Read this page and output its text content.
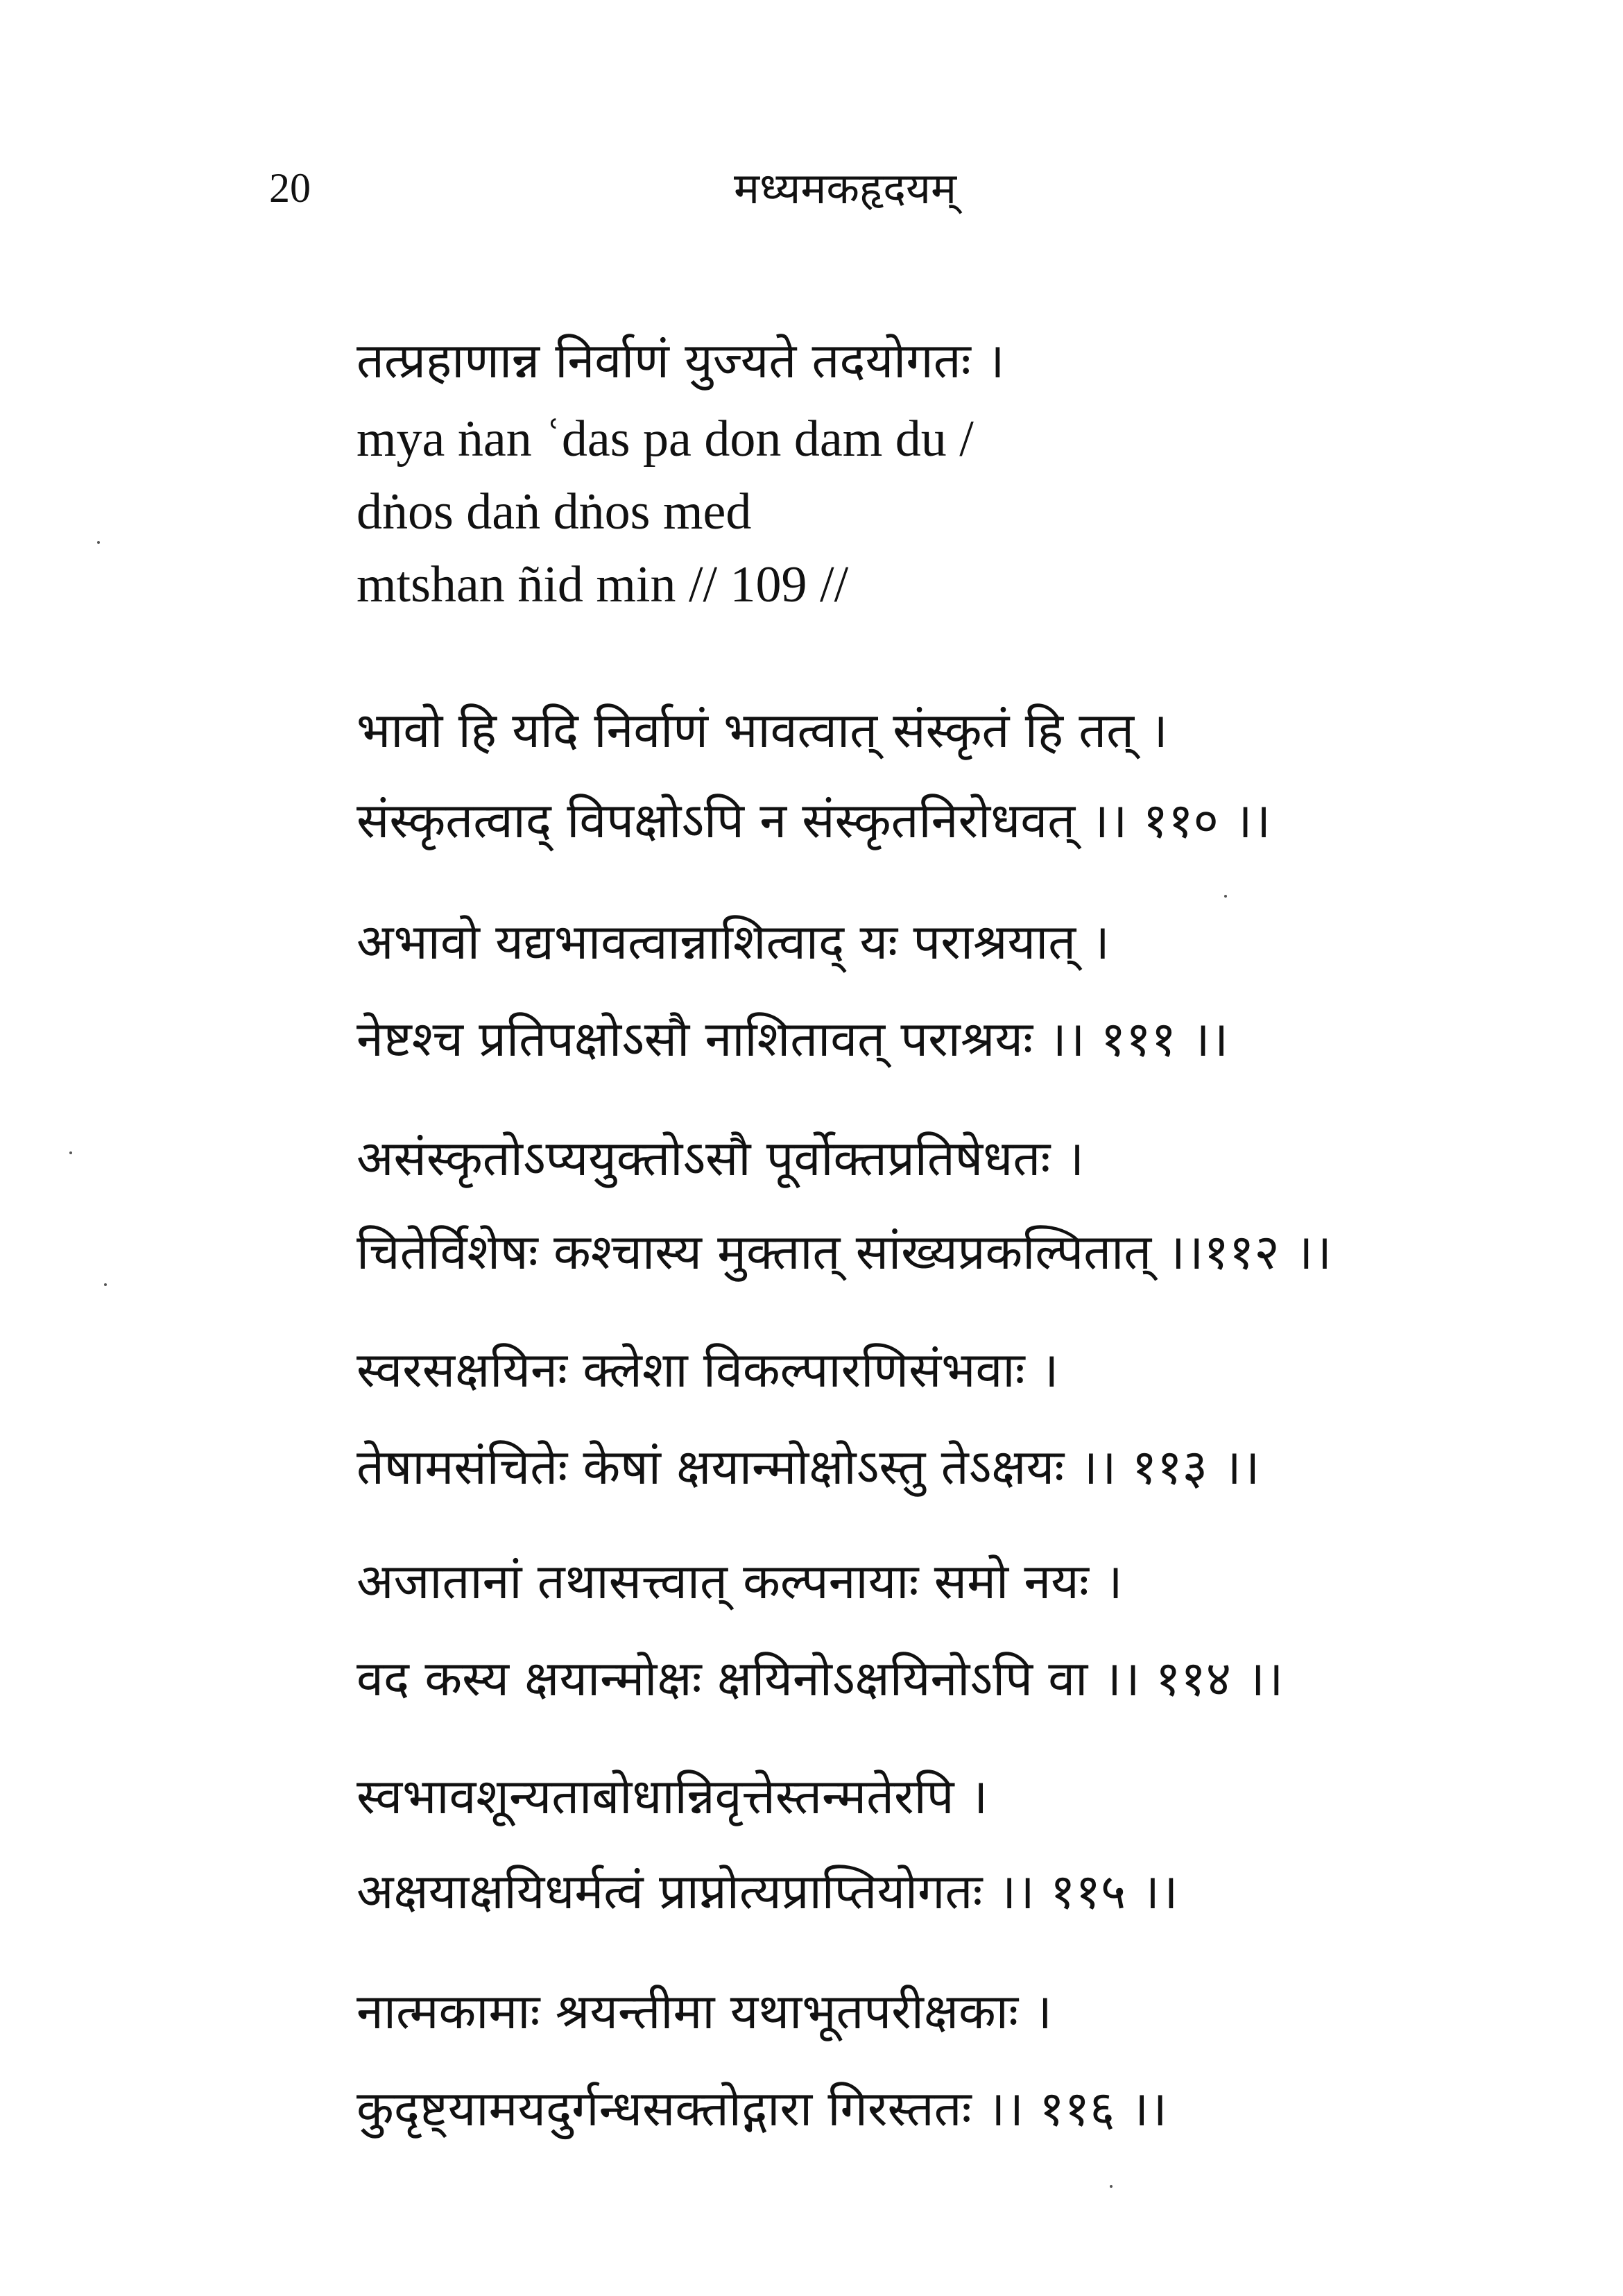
20	मध्यमकहृदयम्
तत्प्रहाणान्न निर्वाणं युज्यते तदयोगतः ।
mya ṅan ʿdas pa don dam du /
dṅos daṅ dṅos med
mtshan ñid min // 109 //
भावो हि यदि निर्वाणं भावत्वात् संस्कृतं हि तत् ।
संस्कृतत्वाद् विपक्षोऽपि न संस्कृतनिरोधवत् ।। ११० ।।
अभावो यद्यभावत्वान्नाशित्वाद् यः पराश्रयात् ।
नेष्टश्च प्रतिपक्षोऽसौ नाशितावत् पराश्रयः ।। १११ ।।
असंस्कृतोऽप्ययुक्तोऽसौ पूर्वोक्तप्रतिषेधतः ।
चितेर्विशेषः कश्चास्य मुक्तात् सांख्यप्रकल्पितात् ।।११२ ।।
स्वरसक्षयिनः क्लेशा विकल्पारणिसंभवाः ।
तेषामसंचितेः केषां क्षयान्मोक्षोऽस्तु तेऽक्षयः ।। ११३ ।।
अजातानां तथासत्त्वात् कल्पनायाः समो नयः ।
वद कस्य क्षयान्मोक्षः क्षयिनोऽक्षयिनोऽपि वा ।। ११४ ।।
स्वभावशून्यताबोधान्निवृत्तेस्तन्मतेरपि ।
अक्षयाक्षयिधर्मत्वं प्राप्नोत्यप्राप्तियोगतः ।। ११५ ।।
नात्मकामाः श्रयन्तीमा यथाभूतपरीक्षकाः ।
कुदृष्ट्यामयदुर्गन्धसक्तोद्गारा गिरस्ततः ।। ११६ ।।
